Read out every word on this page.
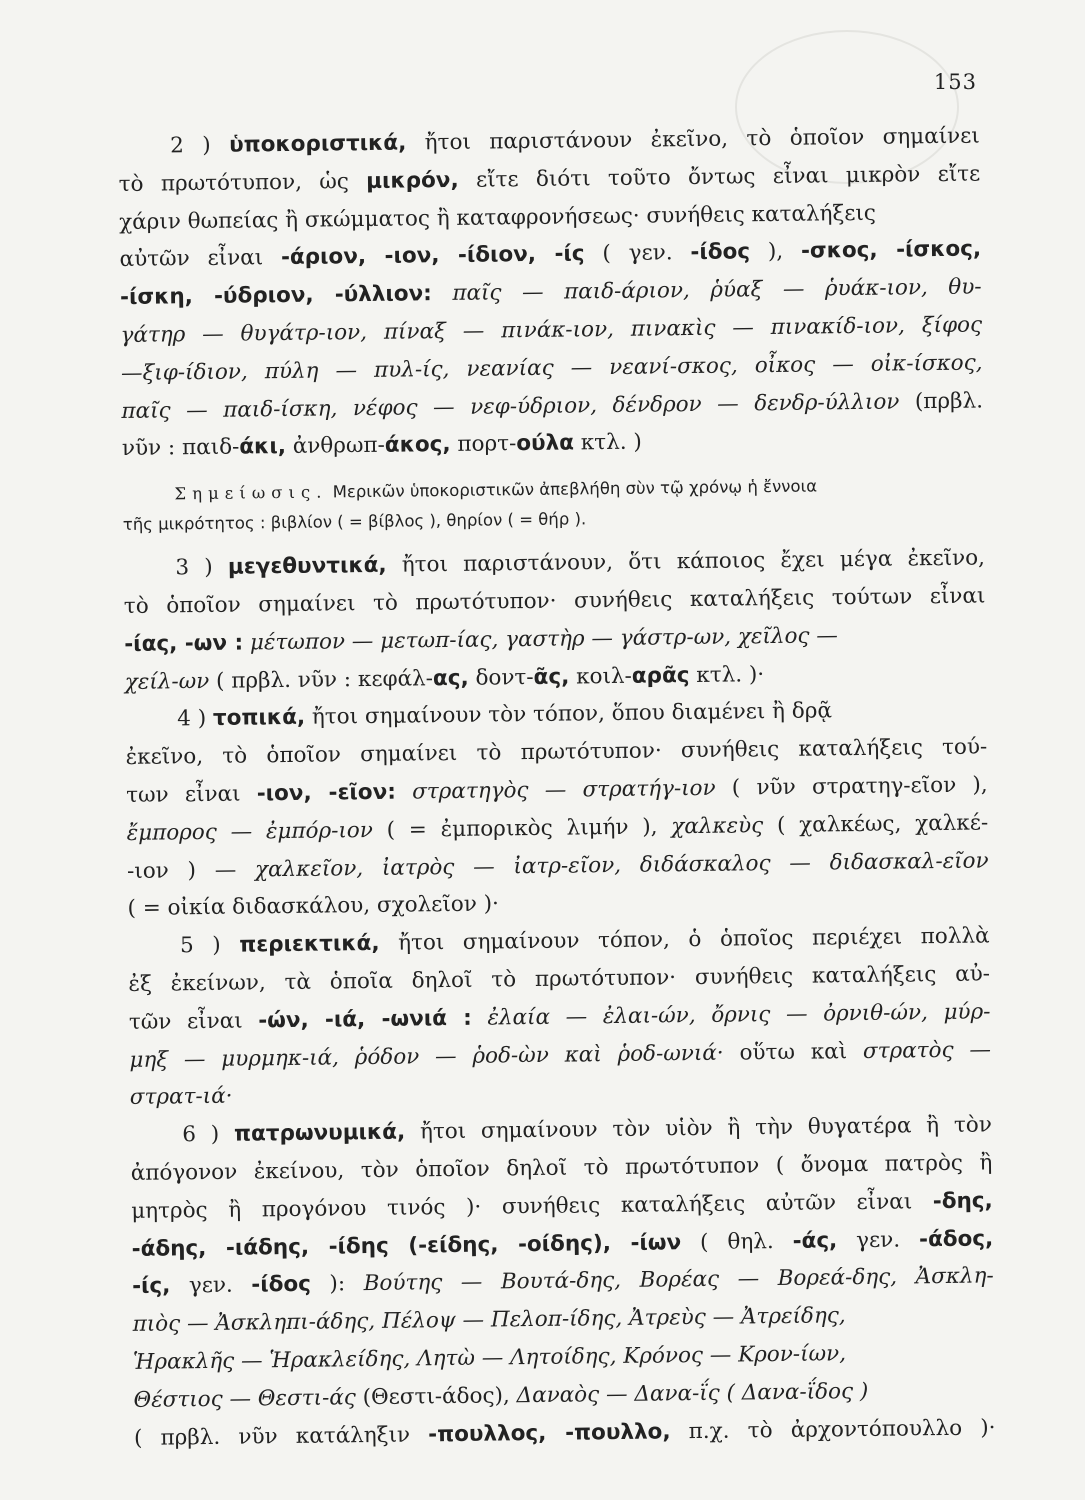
153
2 ) ὑποκοριστικά, ἤτοι παριστάνουν ἐκεῖνο, τὸ ὁποῖον σημαίνει
τὸ πρωτότυπον, ὡς μικρόν, εἴτε διότι τοῦτο ὄντως εἶναι μικρὸν εἴτε
χάριν θωπείας ἢ σκώμματος ἢ καταφρονήσεως· συνήθεις καταλήξεις
αὐτῶν εἶναι -άριον, -ιον, -ίδιον, -ίς ( γεν. -ίδος ), -σκος, -ίσκος,
-ίσκη, -ύδριον, -ύλλιον: παῖς — παιδ-άριον, ῥύαξ — ῥυάκ-ιον, θυ-
γάτηρ — θυγάτρ-ιον, πίναξ — πινάκ-ιον, πινακὶς — πινακίδ-ιον, ξίφος
—ξιφ-ίδιον, πύλη — πυλ-ίς, νεανίας — νεανί-σκος, οἶκος — οἰκ-ίσκος,
παῖς — παιδ-ίσκη, νέφος — νεφ-ύδριον, δένδρον — δενδρ-ύλλιον (πρβλ.
νῦν : παιδ-άκι, ἀνθρωπ-άκος, πορτ-ούλα κτλ. )
Σημείωσις. Μερικῶν ὑποκοριστικῶν ἀπεβλήθη σὺν τῷ χρόνῳ ἡ ἔννοια
τῆς μικρότητος : βιβλίον ( = βίβλος ), θηρίον ( = θήρ ).
3 ) μεγεθυντικά, ἤτοι παριστάνουν, ὅτι κάποιος ἔχει μέγα ἐκεῖνο,
τὸ ὁποῖον σημαίνει τὸ πρωτότυπον· συνήθεις καταλήξεις τούτων εἶναι
-ίας, -ων : μέτωπον — μετωπ-ίας, γαστὴρ — γάστρ-ων, χεῖλος —
χείλ-ων ( πρβλ. νῦν : κεφάλ-ας, δοντ-ᾶς, κοιλ-αρᾶς κτλ. )·
4 ) τοπικά, ἤτοι σημαίνουν τὸν τόπον, ὅπου διαμένει ἢ δρᾷ
ἐκεῖνο, τὸ ὁποῖον σημαίνει τὸ πρωτότυπον· συνήθεις καταλήξεις τού-
των εἶναι -ιον, -εῖον: στρατηγὸς — στρατήγ-ιον ( νῦν στρατηγ-εῖον ),
ἔμπορος — ἐμπόρ-ιον ( = ἐμπορικὸς λιμήν ), χαλκεὺς ( χαλκέως, χαλκέ-
-ιον ) — χαλκεῖον, ἰατρὸς — ἰατρ-εῖον, διδάσκαλος — διδασκαλ-εῖον
( = οἰκία διδασκάλου, σχολεῖον )·
5 ) περιεκτικά, ἤτοι σημαίνουν τόπον, ὁ ὁποῖος περιέχει πολλὰ
ἐξ ἐκείνων, τὰ ὁποῖα δηλοῖ τὸ πρωτότυπον· συνήθεις καταλήξεις αὐ-
τῶν εἶναι -ών, -ιά, -ωνιά : ἐλαία — ἐλαι-ών, ὄρνις — ὀρνιθ-ών, μύρ-
μηξ — μυρμηκ-ιά, ῥόδον — ῥοδ-ὼν καὶ ῥοδ-ωνιά· οὕτω καὶ στρατὸς —
στρατ-ιά·
6 ) πατρωνυμικά, ἤτοι σημαίνουν τὸν υἱὸν ἢ τὴν θυγατέρα ἢ τὸν
ἀπόγονον ἐκείνου, τὸν ὁποῖον δηλοῖ τὸ πρωτότυπον ( ὄνομα πατρὸς ἢ
μητρὸς ἢ προγόνου τινός )· συνήθεις καταλήξεις αὐτῶν εἶναι -δης,
-άδης, -ιάδης, -ίδης (-είδης, -οίδης), -ίων ( θηλ. -άς, γεν. -άδος,
-ίς, γεν. -ίδος ): Βούτης — Βουτά-δης, Βορέας — Βορεά-δης, Ἀσκλη-
πιὸς — Ἀσκληπι-άδης, Πέλοψ — Πελοπ-ίδης, Ἀτρεὺς — Ἀτρείδης,
Ἡρακλῆς — Ἡρακλείδης, Λητὼ — Λητοίδης, Κρόνος — Κρον-ίων,
Θέστιος — Θεστι-άς (Θεστι-άδος), Δαναὸς — Δανα-ΐς ( Δανα-ΐδος )
( πρβλ. νῦν κατάληξιν -πουλλος, -πουλλο, π.χ. τὸ ἀρχοντόπουλλο )·
